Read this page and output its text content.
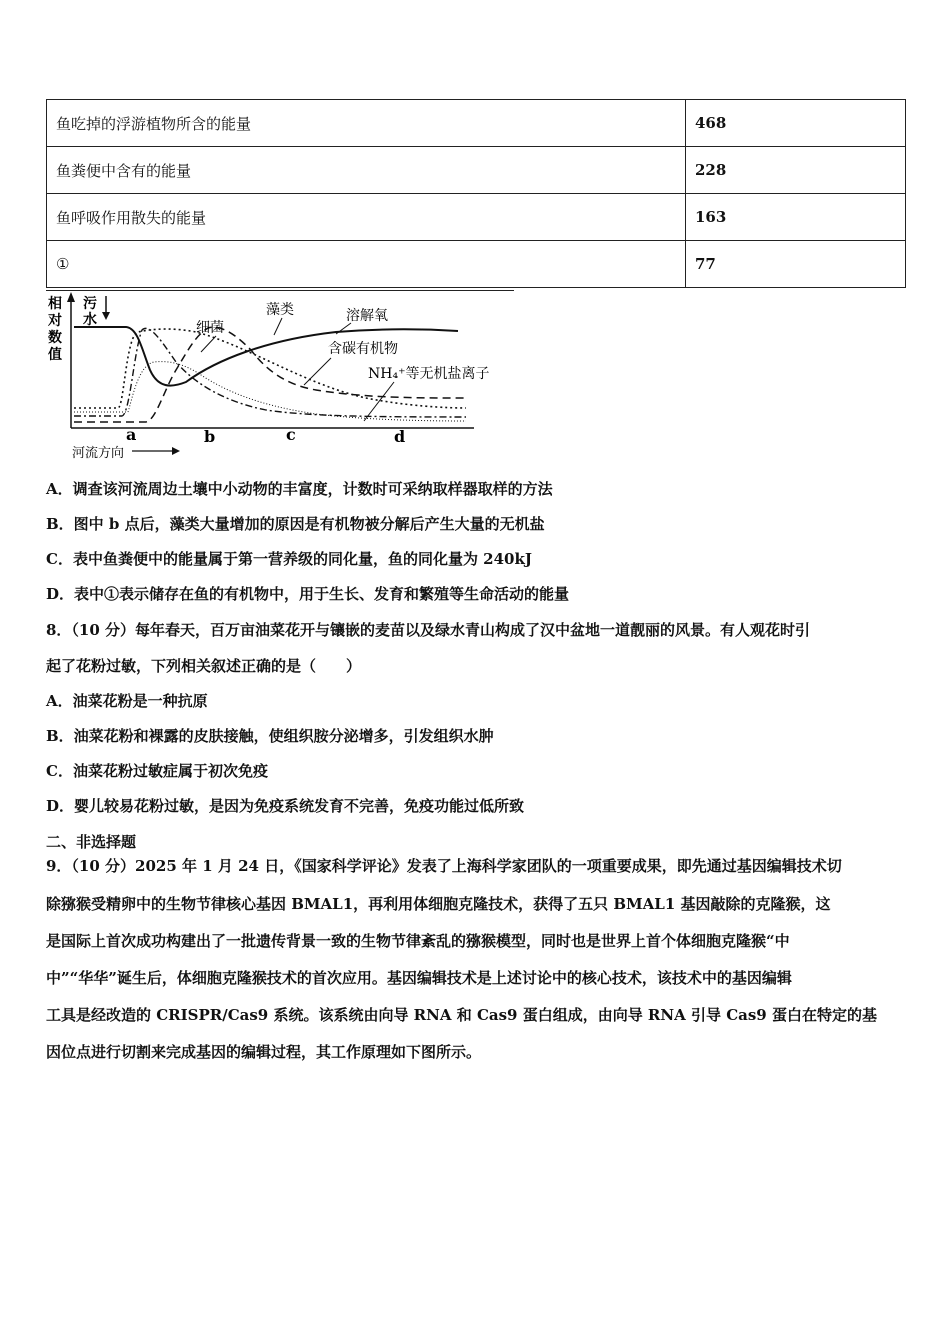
鱼吃掉的浮游植物所含的能量	468
鱼粪便中含有的能量	228
鱼呼吸作用散失的能量	163
①	77
相
对
数
值
污
水	细菌
藻类	溶解氧
含碳有机物
NH₄⁺等无机盐离子
a	b	c	d
河流方向
A．调查该河流周边土壤中小动物的丰富度，计数时可采纳取样器取样的方法
B．图中 b 点后，藻类大量增加的原因是有机物被分解后产生大量的无机盐
C．表中鱼粪便中的能量属于第一营养级的同化量，鱼的同化量为 240kJ
D．表中①表示储存在鱼的有机物中，用于生长、发育和繁殖等生命活动的能量
8．（10 分）每年春天，百万亩油菜花开与镶嵌的麦苗以及绿水青山构成了汉中盆地一道靓丽的风景。有人观花时引
起了花粉过敏，下列相关叙述正确的是（　　）
A．油菜花粉是一种抗原
B．油菜花粉和裸露的皮肤接触，使组织胺分泌增多，引发组织水肿
C．油菜花粉过敏症属于初次免疫
D．婴儿较易花粉过敏，是因为免疫系统发育不完善，免疫功能过低所致
二、非选择题
9．（10 分）2025 年 1 月 24 日，《国家科学评论》发表了上海科学家团队的一项重要成果，即先通过基因编辑技术切
除猕猴受精卵中的生物节律核心基因 BMAL1，再利用体细胞克隆技术，获得了五只 BMAL1 基因敲除的克隆猴，这
是国际上首次成功构建出了一批遗传背景一致的生物节律紊乱的猕猴模型，同时也是世界上首个体细胞克隆猴“中
中”“华华”诞生后，体细胞克隆猴技术的首次应用。基因编辑技术是上述讨论中的核心技术，该技术中的基因编辑
工具是经改造的 CRISPR/Cas9 系统。该系统由向导 RNA 和 Cas9 蛋白组成，由向导 RNA 引导 Cas9 蛋白在特定的基
因位点进行切割来完成基因的编辑过程，其工作原理如下图所示。
